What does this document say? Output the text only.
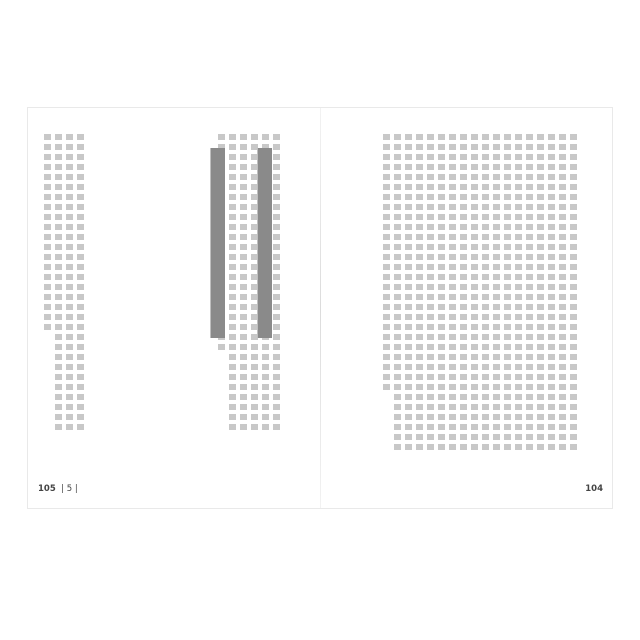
105  | 5 |	104
